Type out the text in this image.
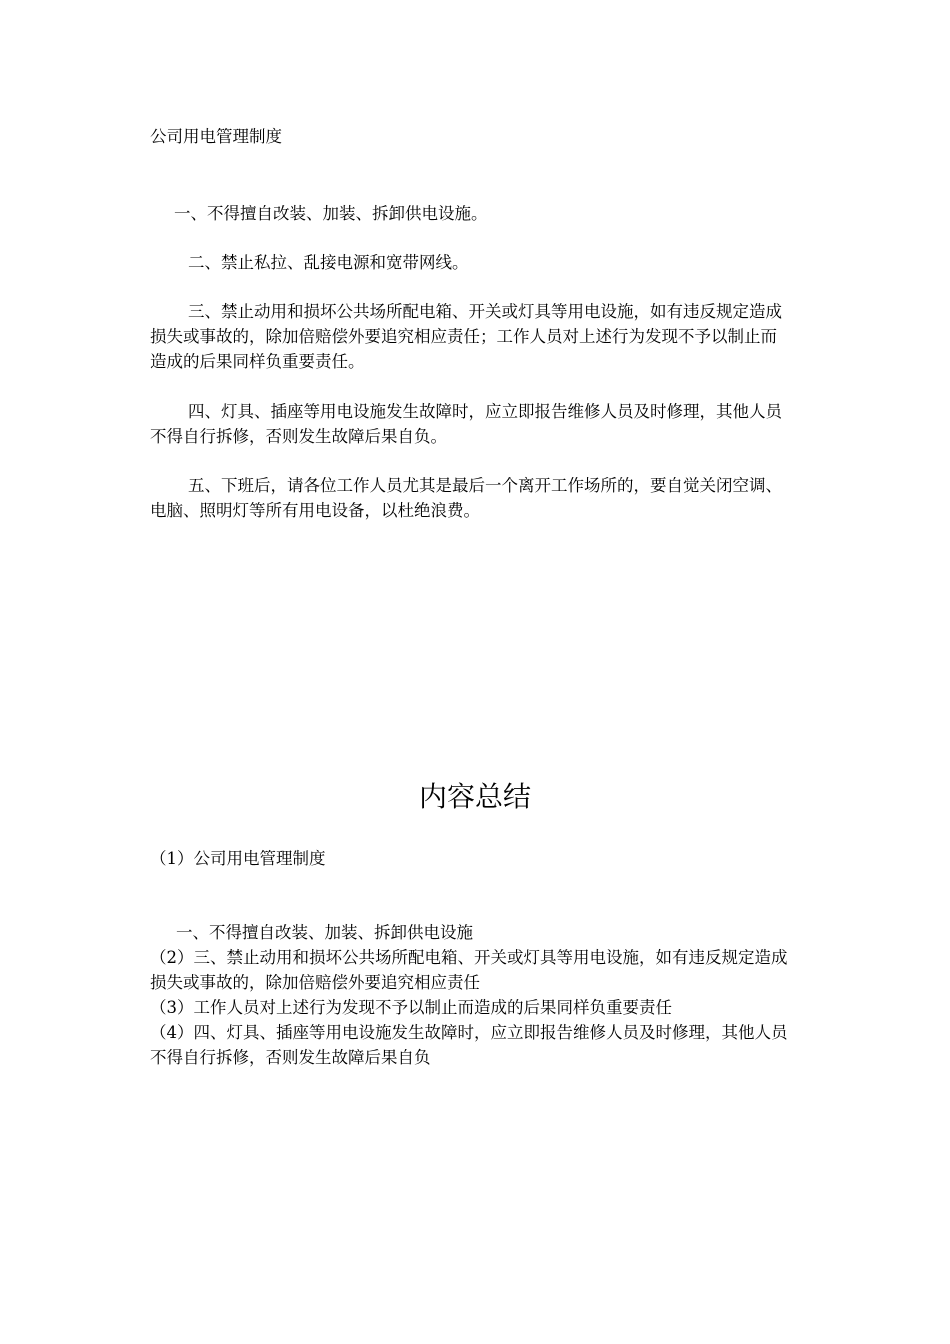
公司用电管理制度

一、不得擅自改装、加装、拆卸供电设施。

二、禁止私拉、乱接电源和宽带网线。

三、禁止动用和损坏公共场所配电箱、开关或灯具等用电设施，如有违反规定造成损失或事故的，除加倍赔偿外要追究相应责任；工作人员对上述行为发现不予以制止而造成的后果同样负重要责任。

四、灯具、插座等用电设施发生故障时，应立即报告维修人员及时修理，其他人员不得自行拆修，否则发生故障后果自负。

五、下班后，请各位工作人员尤其是最后一个离开工作场所的，要自觉关闭空调、电脑、照明灯等所有用电设备，以杜绝浪费。

内容总结

（1）公司用电管理制度

一、不得擅自改装、加装、拆卸供电设施

（2）三、禁止动用和损坏公共场所配电箱、开关或灯具等用电设施，如有违反规定造成损失或事故的，除加倍赔偿外要追究相应责任

（3）工作人员对上述行为发现不予以制止而造成的后果同样负重要责任

（4）四、灯具、插座等用电设施发生故障时，应立即报告维修人员及时修理，其他人员不得自行拆修，否则发生故障后果自负
